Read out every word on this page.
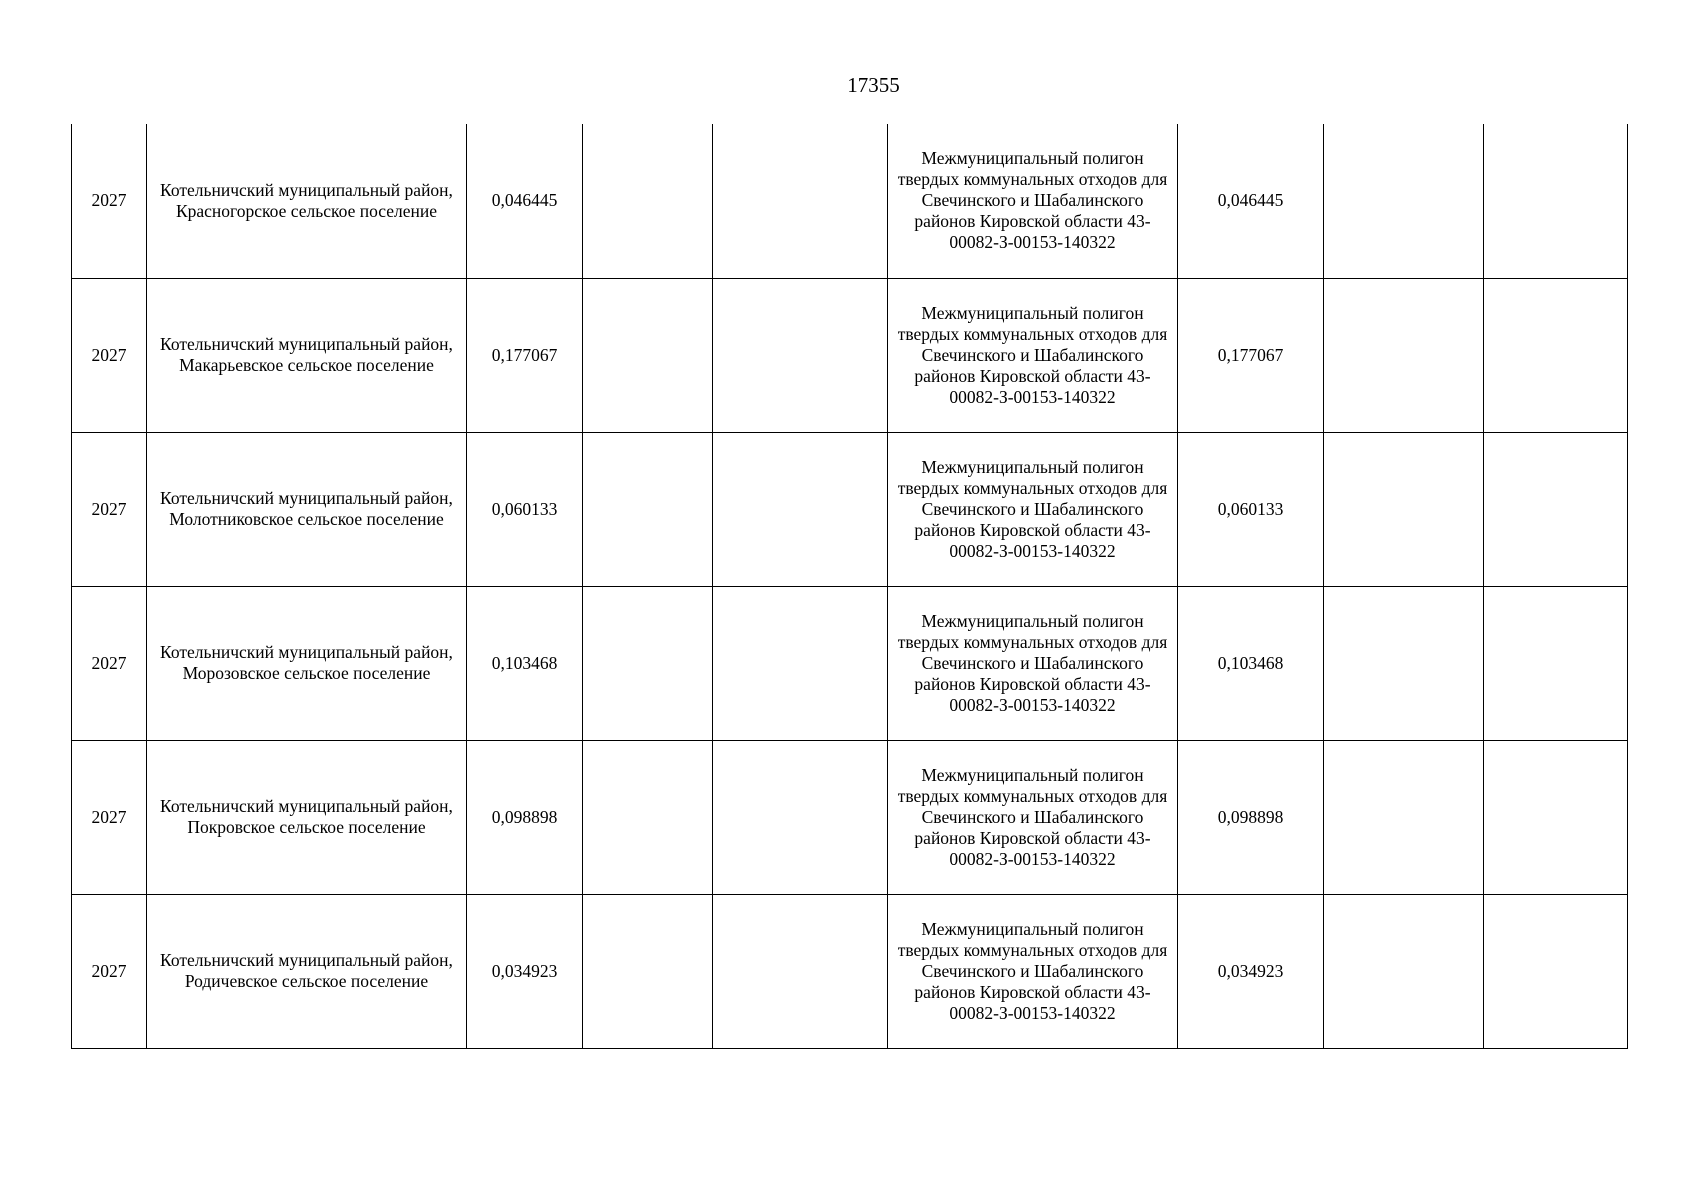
17355
2027	Котельничский муниципальный район, Красногорское сельское поселение	0,046445			Межмуниципальный полигон твердых коммунальных отходов для Свечинского и Шабалинского районов Кировской области 43-00082-З-00153-140322	0,046445		
2027	Котельничский муниципальный район, Макарьевское сельское поселение	0,177067			Межмуниципальный полигон твердых коммунальных отходов для Свечинского и Шабалинского районов Кировской области 43-00082-З-00153-140322	0,177067		
2027	Котельничский муниципальный район, Молотниковское сельское поселение	0,060133			Межмуниципальный полигон твердых коммунальных отходов для Свечинского и Шабалинского районов Кировской области 43-00082-З-00153-140322	0,060133		
2027	Котельничский муниципальный район, Морозовское сельское поселение	0,103468			Межмуниципальный полигон твердых коммунальных отходов для Свечинского и Шабалинского районов Кировской области 43-00082-З-00153-140322	0,103468		
2027	Котельничский муниципальный район, Покровское сельское поселение	0,098898			Межмуниципальный полигон твердых коммунальных отходов для Свечинского и Шабалинского районов Кировской области 43-00082-З-00153-140322	0,098898		
2027	Котельничский муниципальный район, Родичевское сельское поселение	0,034923			Межмуниципальный полигон твердых коммунальных отходов для Свечинского и Шабалинского районов Кировской области 43-00082-З-00153-140322	0,034923		
